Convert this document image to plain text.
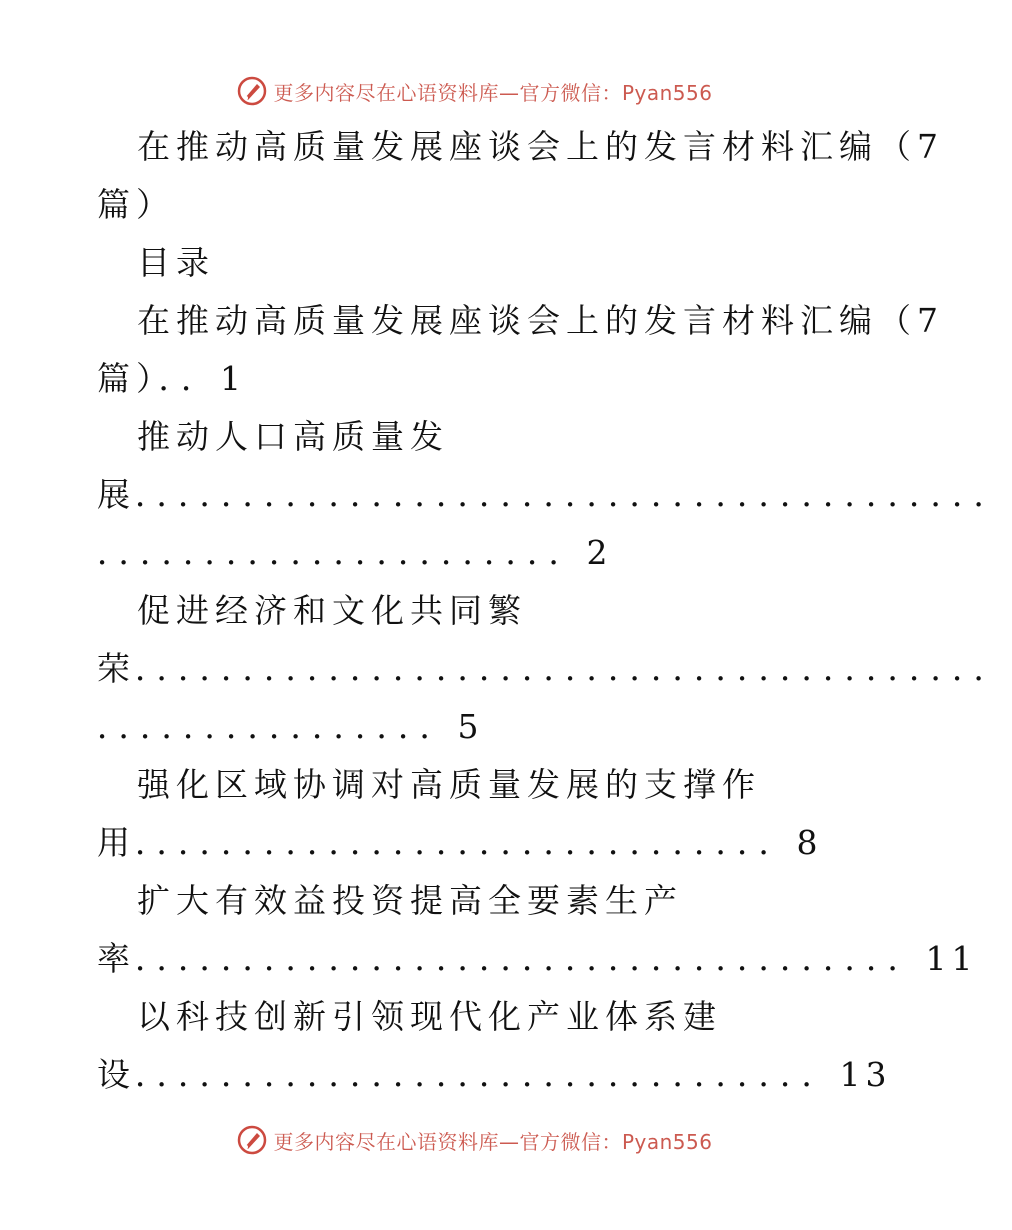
更多内容尽在心语资料库—官方微信：Pyan556
在推动高质量发展座谈会上的发言材料汇编（7
篇）
目录
在推动高质量发展座谈会上的发言材料汇编（7
篇）．．1
推动人口高质量发
展．．．．．．．．．．．．．．．．．．．．．．．．．．．．．．．．．．．．．．．．
．．．．．．．．．．．．．．．．．．．．．．2
促进经济和文化共同繁
荣．．．．．．．．．．．．．．．．．．．．．．．．．．．．．．．．．．．．．．．．
．．．．．．．．．．．．．．．．5
强化区域协调对高质量发展的支撑作
用．．．．．．．．．．．．．．．．．．．．．．．．．．．．．．8
扩大有效益投资提高全要素生产
率．．．．．．．．．．．．．．．．．．．．．．．．．．．．．．．．．．．．11
以科技创新引领现代化产业体系建
设．．．．．．．．．．．．．．．．．．．．．．．．．．．．．．．．13
更多内容尽在心语资料库—官方微信：Pyan556
